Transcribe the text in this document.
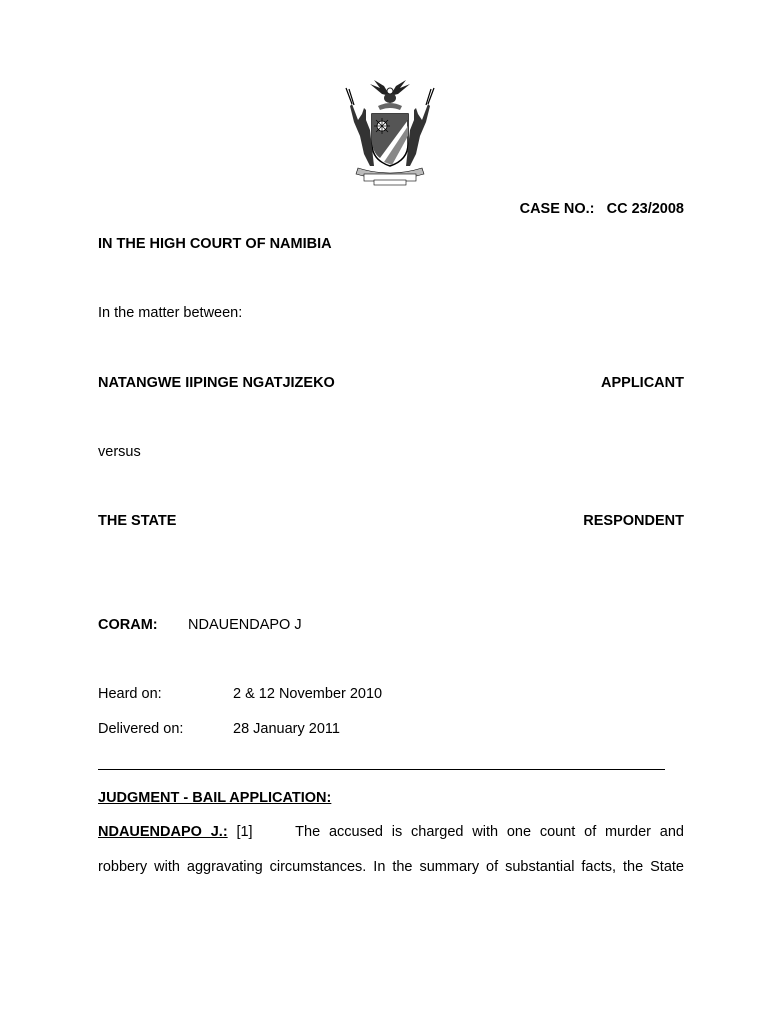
CASE NO.: CC 23/2008
IN THE HIGH COURT OF NAMIBIA
In the matter between:
NATANGWE IIPINGE NGATJIZEKO	APPLICANT
versus
THE STATE	RESPONDENT
CORAM: NDAUENDAPO J
Heard on:	2 & 12 November 2010
Delivered on:	28 January 2011
JUDGMENT - BAIL APPLICATION:
NDAUENDAPO J.: [1]	The accused is charged with one count of murder and
robbery with aggravating circumstances. In the summary of substantial facts, the State
